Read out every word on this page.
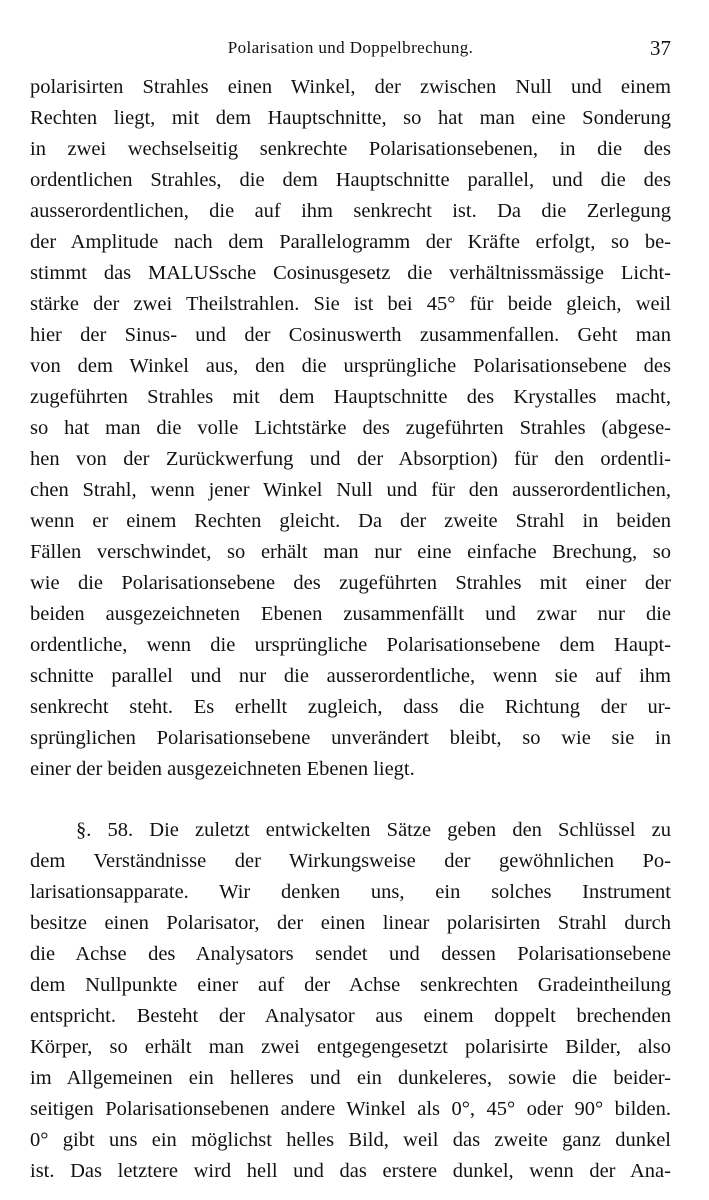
Polarisation und Doppelbrechung.	37
polarisirten Strahles einen Winkel, der zwischen Null und einem
Rechten liegt, mit dem Hauptschnitte, so hat man eine Sonderung
in zwei wechselseitig senkrechte Polarisationsebenen, in die des
ordentlichen Strahles, die dem Hauptschnitte parallel, und die des
ausserordentlichen, die auf ihm senkrecht ist. Da die Zerlegung
der Amplitude nach dem Parallelogramm der Kräfte erfolgt, so be-
stimmt das MALUSsche Cosinusgesetz die verhältnissmässige Licht-
stärke der zwei Theilstrahlen. Sie ist bei 45° für beide gleich, weil
hier der Sinus- und der Cosinuswerth zusammenfallen. Geht man
von dem Winkel aus, den die ursprüngliche Polarisationsebene des
zugeführten Strahles mit dem Hauptschnitte des Krystalles macht,
so hat man die volle Lichtstärke des zugeführten Strahles (abgese-
hen von der Zurückwerfung und der Absorption) für den ordentli-
chen Strahl, wenn jener Winkel Null und für den ausserordentlichen,
wenn er einem Rechten gleicht. Da der zweite Strahl in beiden
Fällen verschwindet, so erhält man nur eine einfache Brechung, so
wie die Polarisationsebene des zugeführten Strahles mit einer der
beiden ausgezeichneten Ebenen zusammenfällt und zwar nur die
ordentliche, wenn die ursprüngliche Polarisationsebene dem Haupt-
schnitte parallel und nur die ausserordentliche, wenn sie auf ihm
senkrecht steht. Es erhellt zugleich, dass die Richtung der ur-
sprünglichen Polarisationsebene unverändert bleibt, so wie sie in
einer der beiden ausgezeichneten Ebenen liegt.
§. 58. Die zuletzt entwickelten Sätze geben den Schlüssel zu
dem Verständnisse der Wirkungsweise der gewöhnlichen Po-
larisationsapparate. Wir denken uns, ein solches Instrument
besitze einen Polarisator, der einen linear polarisirten Strahl durch
die Achse des Analysators sendet und dessen Polarisationsebene
dem Nullpunkte einer auf der Achse senkrechten Gradeintheilung
entspricht. Besteht der Analysator aus einem doppelt brechenden
Körper, so erhält man zwei entgegengesetzt polarisirte Bilder, also
im Allgemeinen ein helleres und ein dunkeleres, sowie die beider-
seitigen Polarisationsebenen andere Winkel als 0°, 45° oder 90° bilden.
0° gibt uns ein möglichst helles Bild, weil das zweite ganz dunkel
ist. Das letztere wird hell und das erstere dunkel, wenn der Ana-
